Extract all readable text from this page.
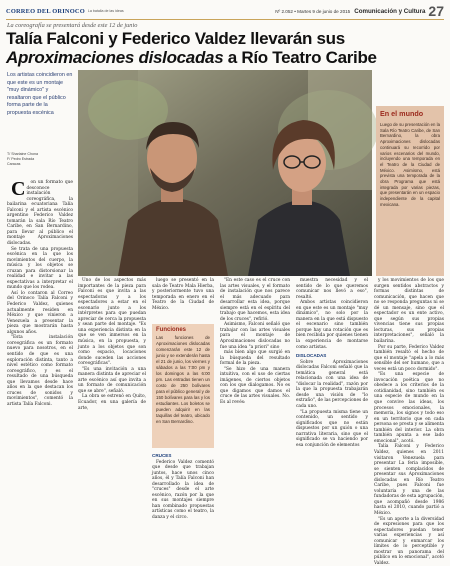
CORREO DEL ORINOCO La batalla de las ideas	Nº 2.052 • Martes 9 de junio de 2015 Comunicación y Cultura 27
La coreografía se presentará desde este 12 de junio
Talía Falconi y Federico Valdez llevarán sus
Aproximaciones dislocadas a Río Teatro Caribe
Los artistas coincidieron en que este es un montaje "muy dinámico" y resaltaron que el público forma parte de la propuesta escénica
T/ Sharlaine Chona
F/ Pedro Estrada
Caracas
En el mundo
Luego de su presentación en la Sala Río Teatro Caribe, de San Bernardino, la obra Aproximaciones dislocadas continuará su recorrido por varios escenarios del mundo, incluyendo una temporada en el Teatro de la Ciudad de México. Asimismo, está prevista una temporada de la obra Programa que está integrada por varias piezas, que presentarán en un espacio independiente de la capital mexicana.

C on un formato que desconoce instalación coreográfica, la bailarina ecuatoriana Talía Falconi y el artista escénico argentino Federico Valdez tomarán la sala Río Teatro Caribe, en San Bernardino, para llevar al público el montaje Aproximaciones dislocadas.

Se trata de una propuesta escénica en la que los movimientos del cuerpo, la música y los objetos se cruzan para distorsionar la realidad e invitar a las expectativas a interpretar el mundo que los rodea.

Así lo contaron al Correo del Orinoco Talía Falconi y Federico Valdez, quienes actualmente residen en México y que vinieron a Venezuela a presentar la pieza que mostrarán hasta algunos años.

"Esta instalación coreográfica es un formato nuevo para nosotros, en el sentido de que es una exploración distinta, tanto a nivel estético como formato coreográfico, y es el resultado de una búsqueda que llevamos desde hace años en la que destacan los cruces de sonidos y movimientos", comentó la artista Talía Falconi.

Uno de los aspectos más importantes de la pieza para Falconi es que invita a las espectadoras y a los espectadores a estar en el escenario junto a los intérpretes para que puedan apreciar de cerca la propuesta y sean parte del montaje. "Es una experiencia distinta en la que se ven inmersos en la música, en la propuesta, y junto a los objetos que son como espacio, locaciones donde suceden las acciones coreográficas".

"Es una invitación a una manera distinta de apreciar el arte escénico así que invita a un formato de comunicación que se abre", señaló.

La obra se estrenó en Quito, Ecuador, en una galería de arte,

luego se presentó en la sala de Teatro Mala Hierba, y posteriormente tuvo una temporada en enero en el Teatro de la Ciudad de México.

Funciones
Las funciones de Aproximaciones dislocadas comenzarán este 12 de junio y se extenderán hasta el 21 de junio, los viernes y sábados a las 7:00 pm y los domingos a las 6:00 pm. Las entradas tienen un costo de 250 bolívares para el público general y de 150 bolívares para las y los estudiantes. Los boletos se pueden adquirir en las taquillas del teatro, ubicado en San Bernardino.
CRUCES

Federico Valdez comentó que desde que trabajan juntos, hace unos cinco años, él y Talía Falconi han desarrollado la idea de "cruces" desde el arte escénico, razón por la que en sus montajes siempre han combinado propuestas artísticas como el teatro, la danza y el circo.

"En este caso es el cruce con las artes visuales, y el formato de instalación que nos parece el más adecuado para desarrollar esta idea, porque siempre está en el espíritu del trabajo que hacemos, esta idea de los cruces", refirió.

Asimismo, Falconi señaló que trabajar con las artes visuales para el montaje de Aproximaciones dislocadas no fue una idea "a priori" sino

más bien algo que surgió en la búsqueda del resultado formal de la pieza.

"Se hizo de una manera intuitiva, con el uso de ciertas imágenes, de ciertos objetos con los que dialogamos. No es que digamos que damos el cruce de las artes visuales. No. Es al revés:

muestra necesidad y el sentido de lo que queremos comunicar nos llevó a eso", resaltó.

Ambos artistas coincidieron en que este es un montaje "muy dinámico", no solo por la manera en la que está dispuesto el escenario sino también porque hay una rotación que es bien recibida por quienes tienen la experiencia de montarse como artistas.

DISLOCADAS

Sobre Aproximaciones dislocadas Falconi señaló que la temática general está relacionada con una idea de "dislocar la realidad", razón por la que la propuesta trabajarán desde una visión de "lo extraño", de las percepciones de cada uno.

"La propuesta misma tiene un contenido, un sentido y significados que no están dispuestos por un guión o una narrativa literaria, sino que el significado se va haciendo por esa conjunción de elementos

y los movimientos de los que surgen sentidos abstractos y formas distintas de comunicación, que hacen que no se responda preguntas ni se dé un mensaje, sino que el espectador es un ente activo, que según sus propias vivencias tiene sus propias lecturas, sus propias interpretaciones", señaló la bailarina.

Por su parte, Federico Valdez también resaltó el hecho de que el montaje "apela a lo más sensible del ser humano, que a veces está un poco dormido".

"Es una especie de invocación poética que no obedece a los criterios de la cotidianidad, sino también es una especie de mundo en la que convive las ideas, los procesos emocionales, la memoria, los signos y todo eso en un territorio que en cada persona se presta y se alimenta también del interior. La obra también apunta a ese lado emocional", acotó.

Talía Falconi y Federico Valdez, quienes en 2011 visitaron Venezuela para presentar La feria imposible, se sienten complacidos de presentar sus Aproximaciones dislocadas en Río Teatro Caribe, pues Falconi fue voluntaria y una de las fundadoras de esta agrupación, que acompañó desde 1986 hasta el 2010, cuando partió a México.

"Es un aporte a la diversidad de expresiones para que los espectadores puedan tener varias experiencias y así comunicar y enmarcar los límites de lo perceptible y mostrar un panorama del público en lo emocional", acotó Valdez.
